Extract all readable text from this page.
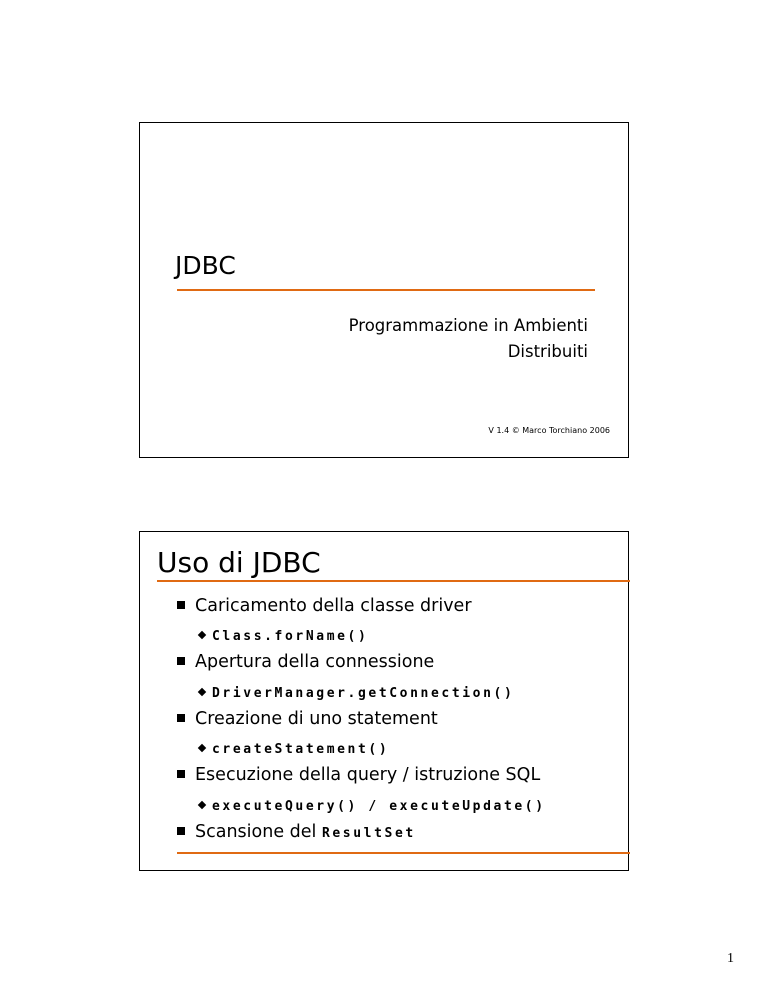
JDBC
Programmazione in Ambienti
Distribuiti
V 1.4 © Marco Torchiano 2006
Uso di JDBC
Caricamento della classe driver
Class.forName()
Apertura della connessione
DriverManager.getConnection()
Creazione di uno statement
createStatement()
Esecuzione della query / istruzione SQL
executeQuery() / executeUpdate()
Scansione del ResultSet
1
